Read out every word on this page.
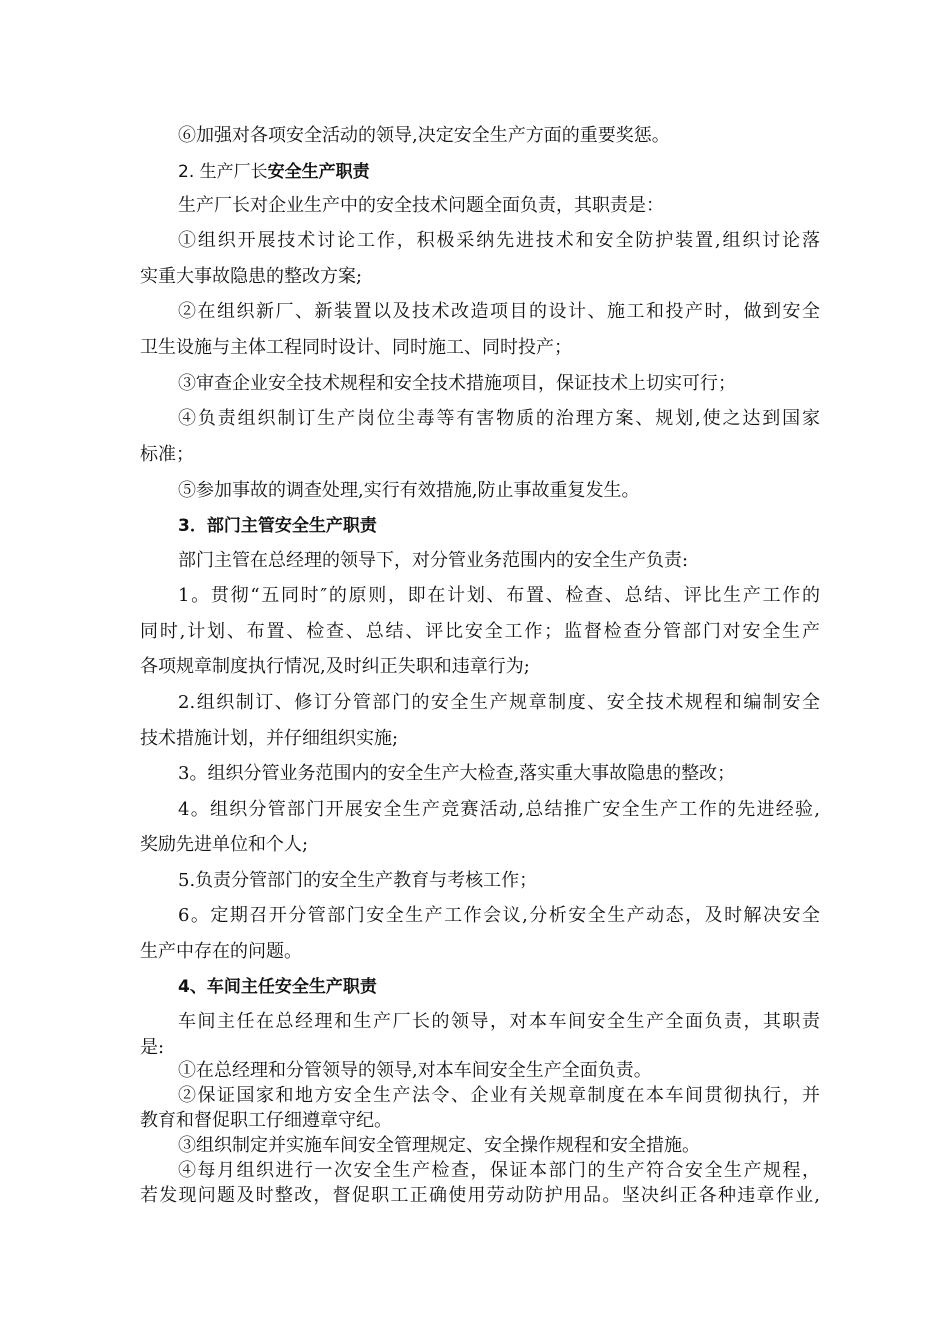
⑥加强对各项安全活动的领导,决定安全生产方面的重要奖惩。

2. 生产厂长安全生产职责

生产厂长对企业生产中的安全技术问题全面负责，其职责是：

①组织开展技术讨论工作，积极采纳先进技术和安全防护装置,组织讨论落

实重大事故隐患的整改方案;

②在组织新厂、新装置以及技术改造项目的设计、施工和投产时，做到安全

卫生设施与主体工程同时设计、同时施工、同时投产；

③审查企业安全技术规程和安全技术措施项目，保证技术上切实可行；

④负责组织制订生产岗位尘毒等有害物质的治理方案、规划,使之达到国家

标准；

⑤参加事故的调查处理,实行有效措施,防止事故重复发生。

3．部门主管安全生产职责

部门主管在总经理的领导下，对分管业务范围内的安全生产负责:

1。贯彻“五同时″的原则，即在计划、布置、检查、总结、评比生产工作的

同时,计划、布置、检查、总结、评比安全工作；监督检查分管部门对安全生产

各项规章制度执行情况,及时纠正失职和违章行为;

2.组织制订、修订分管部门的安全生产规章制度、安全技术规程和编制安全

技术措施计划，并仔细组织实施;

3。组织分管业务范围内的安全生产大检查,落实重大事故隐患的整改；

4。组织分管部门开展安全生产竞赛活动,总结推广安全生产工作的先进经验,

奖励先进单位和个人;

5.负责分管部门的安全生产教育与考核工作；

6。定期召开分管部门安全生产工作会议,分析安全生产动态，及时解决安全

生产中存在的问题。

4、车间主任安全生产职责

车间主任在总经理和生产厂长的领导，对本车间安全生产全面负责，其职责

是:

①在总经理和分管领导的领导,对本车间安全生产全面负责。

②保证国家和地方安全生产法令、企业有关规章制度在本车间贯彻执行，并

教育和督促职工仔细遵章守纪。

③组织制定并实施车间安全管理规定、安全操作规程和安全措施。

④每月组织进行一次安全生产检查，保证本部门的生产符合安全生产规程，

若发现问题及时整改，督促职工正确使用劳动防护用品。坚决纠正各种违章作业,
